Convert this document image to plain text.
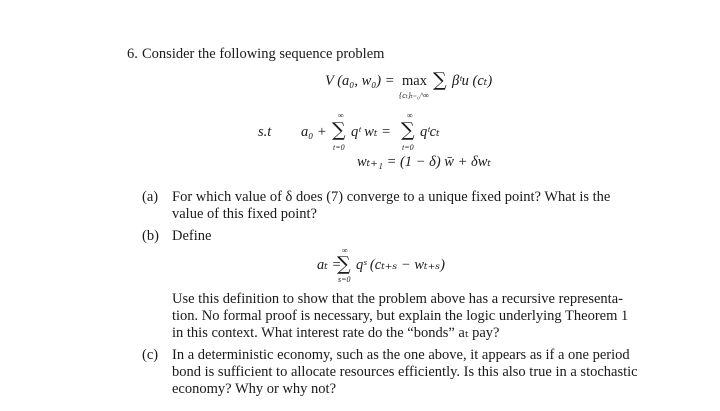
6. Consider the following sequence problem
V (a₀, w₀) = max
{cₜ}ₜ₌₀^∞
∑ βᵗu (cₜ)
s.t a₀ +
∞
∑
t=0
qᵗ wₜ =
∞
∑
t=0
qᵗcₜ
wₜ₊₁ = (1 − δ) w̄ + δwₜ
(a) For which value of δ does (7) converge to a unique fixed point? What is the
value of this fixed point?
(b) Define
aₜ =
∞
∑
s=0
qˢ (cₜ₊ₛ − wₜ₊ₛ)
Use this definition to show that the problem above has a recursive representa-
tion. No formal proof is necessary, but explain the logic underlying Theorem 1
in this context. What interest rate do the “bonds” aₜ pay?
(c) In a deterministic economy, such as the one above, it appears as if a one period
bond is sufficient to allocate resources efficiently. Is this also true in a stochastic
economy? Why or why not?
